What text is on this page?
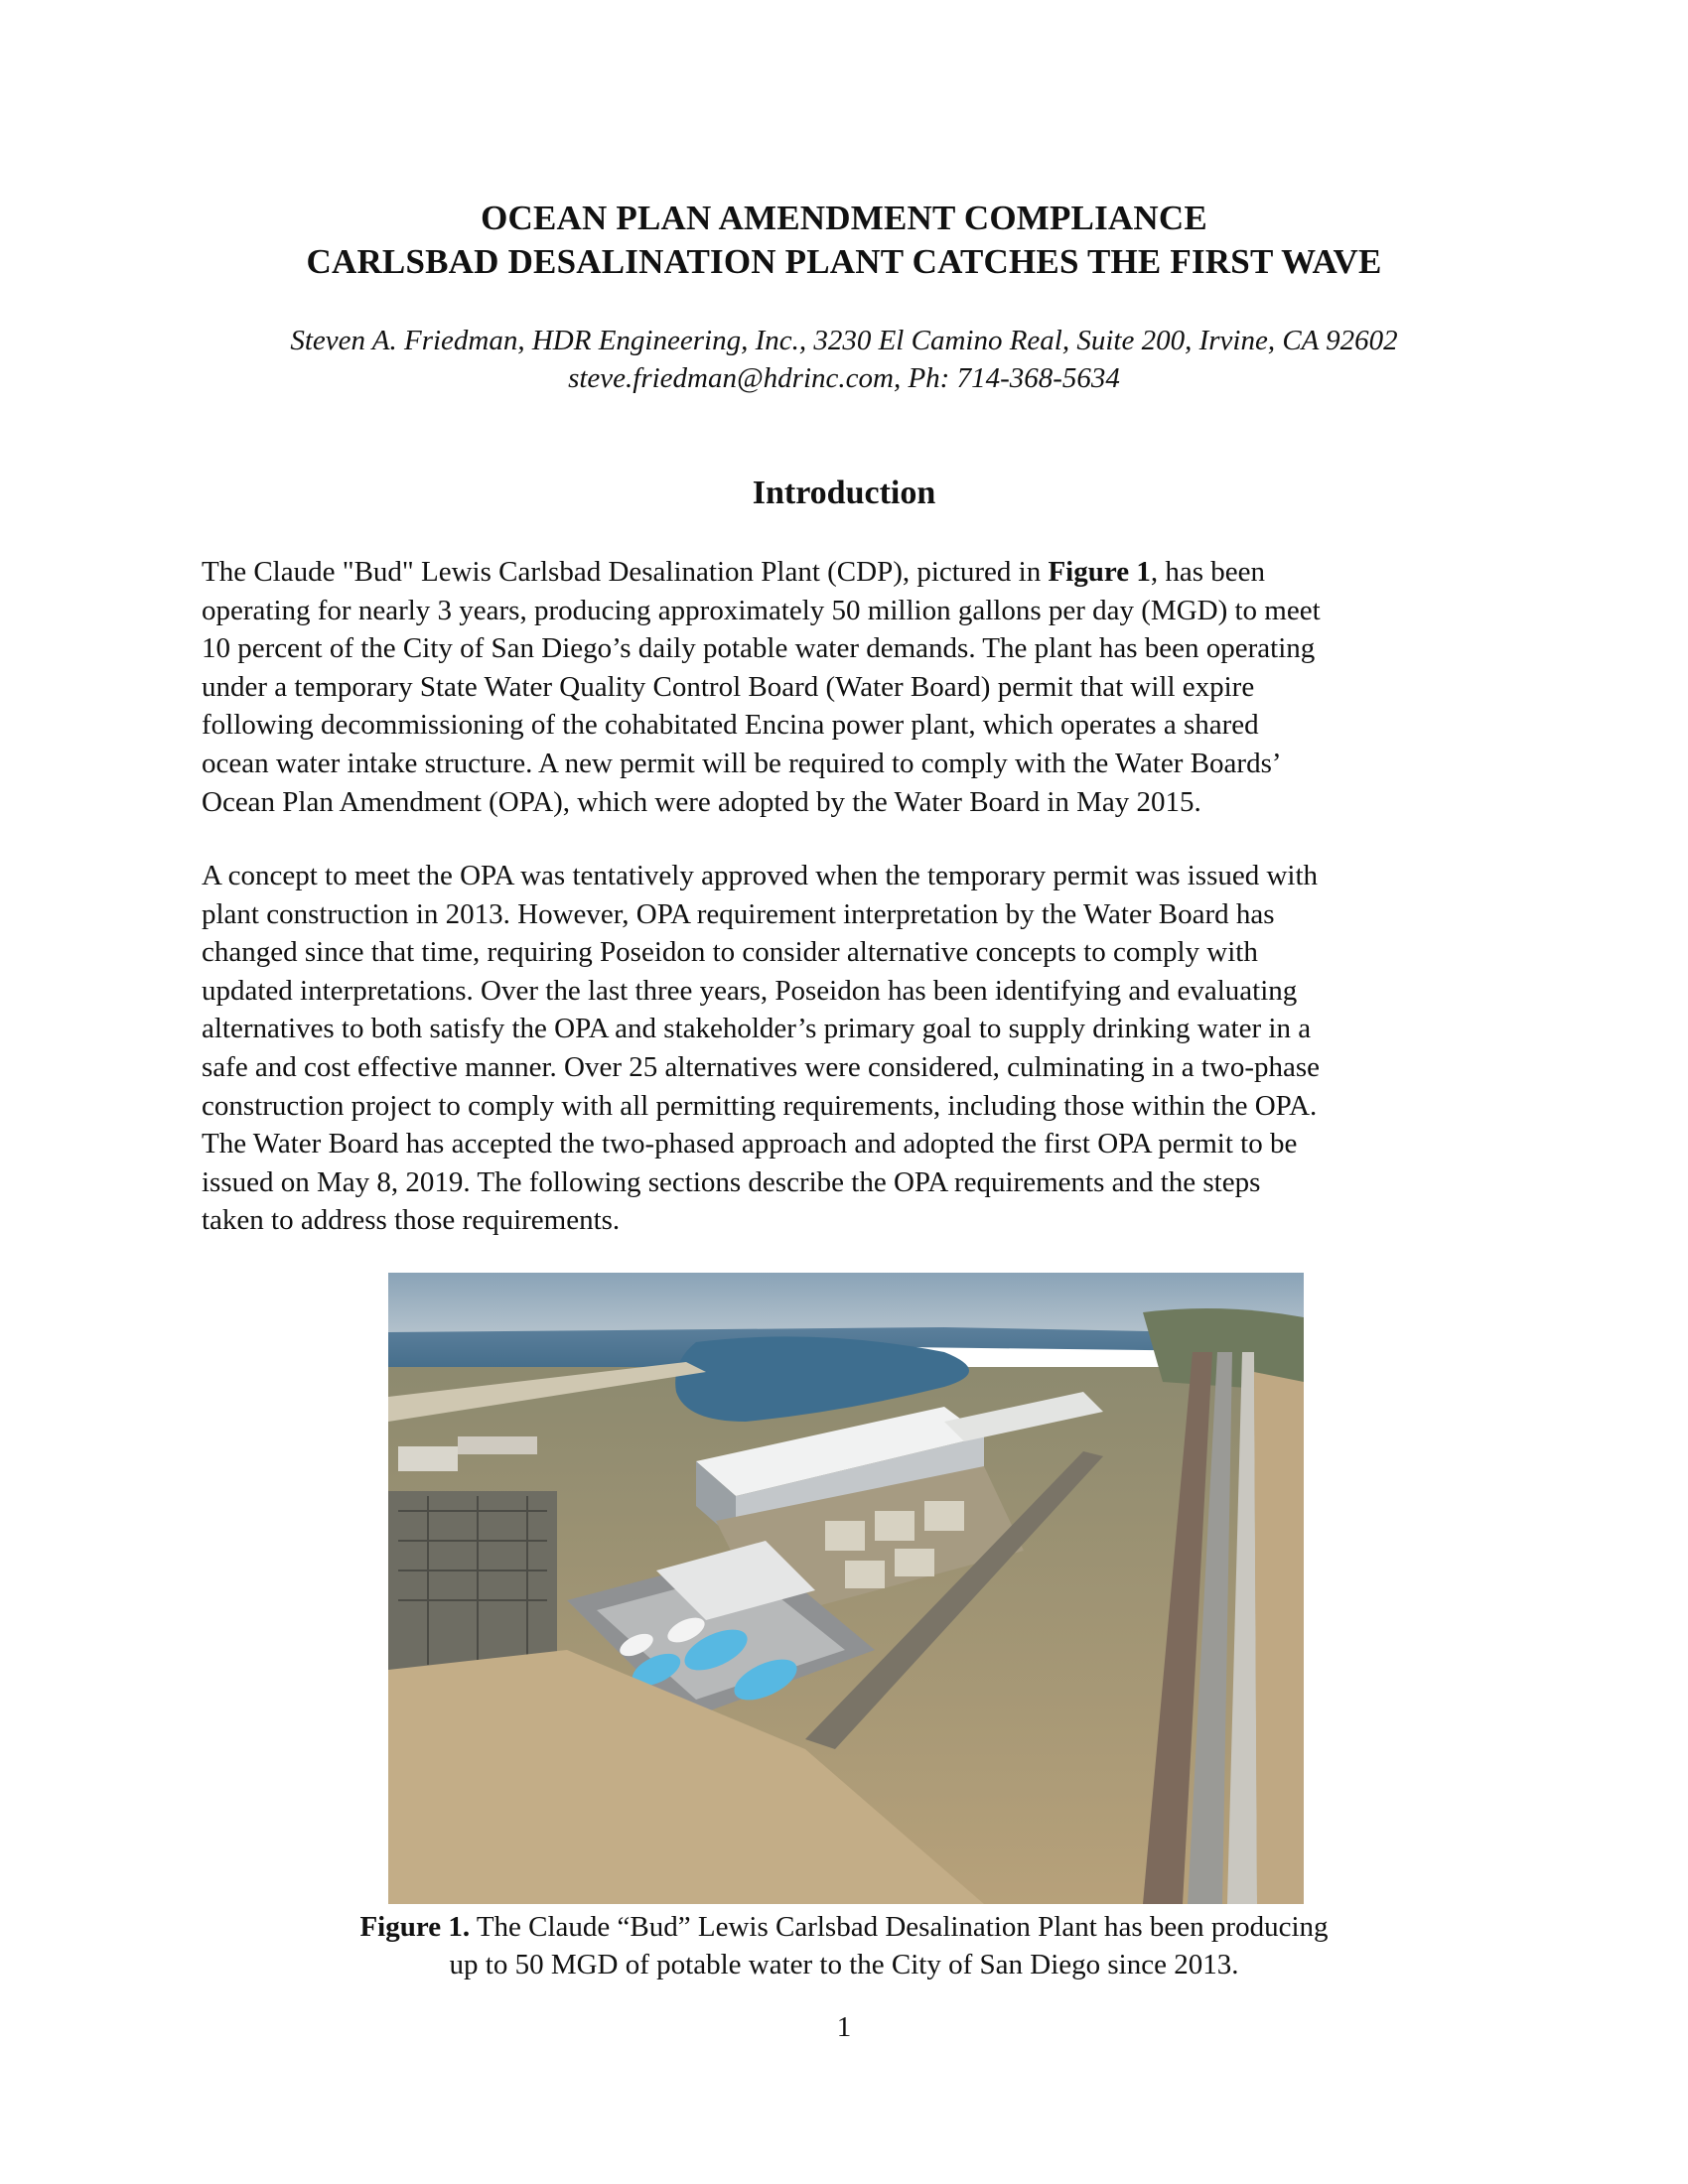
OCEAN PLAN AMENDMENT COMPLIANCE
CARLSBAD DESALINATION PLANT CATCHES THE FIRST WAVE

Steven A. Friedman, HDR Engineering, Inc., 3230 El Camino Real, Suite 200, Irvine, CA 92602

steve.friedman@hdrinc.com, Ph: 714-368-5634

Introduction
The Claude "Bud" Lewis Carlsbad Desalination Plant (CDP), pictured in Figure 1, has been
operating for nearly 3 years, producing approximately 50 million gallons per day (MGD) to meet
10 percent of the City of San Diego’s daily potable water demands. The plant has been operating
under a temporary State Water Quality Control Board (Water Board) permit that will expire
following decommissioning of the cohabitated Encina power plant, which operates a shared
ocean water intake structure. A new permit will be required to comply with the Water Boards’
Ocean Plan Amendment (OPA), which were adopted by the Water Board in May 2015.
A concept to meet the OPA was tentatively approved when the temporary permit was issued with
plant construction in 2013. However, OPA requirement interpretation by the Water Board has
changed since that time, requiring Poseidon to consider alternative concepts to comply with
updated interpretations. Over the last three years, Poseidon has been identifying and evaluating
alternatives to both satisfy the OPA and stakeholder’s primary goal to supply drinking water in a
safe and cost effective manner. Over 25 alternatives were considered, culminating in a two-phase
construction project to comply with all permitting requirements, including those within the OPA.
The Water Board has accepted the two-phased approach and adopted the first OPA permit to be
issued on May 8, 2019. The following sections describe the OPA requirements and the steps
taken to address those requirements.
Figure 1. The Claude “Bud” Lewis Carlsbad Desalination Plant has been producing
up to 50 MGD of potable water to the City of San Diego since 2013.

1
